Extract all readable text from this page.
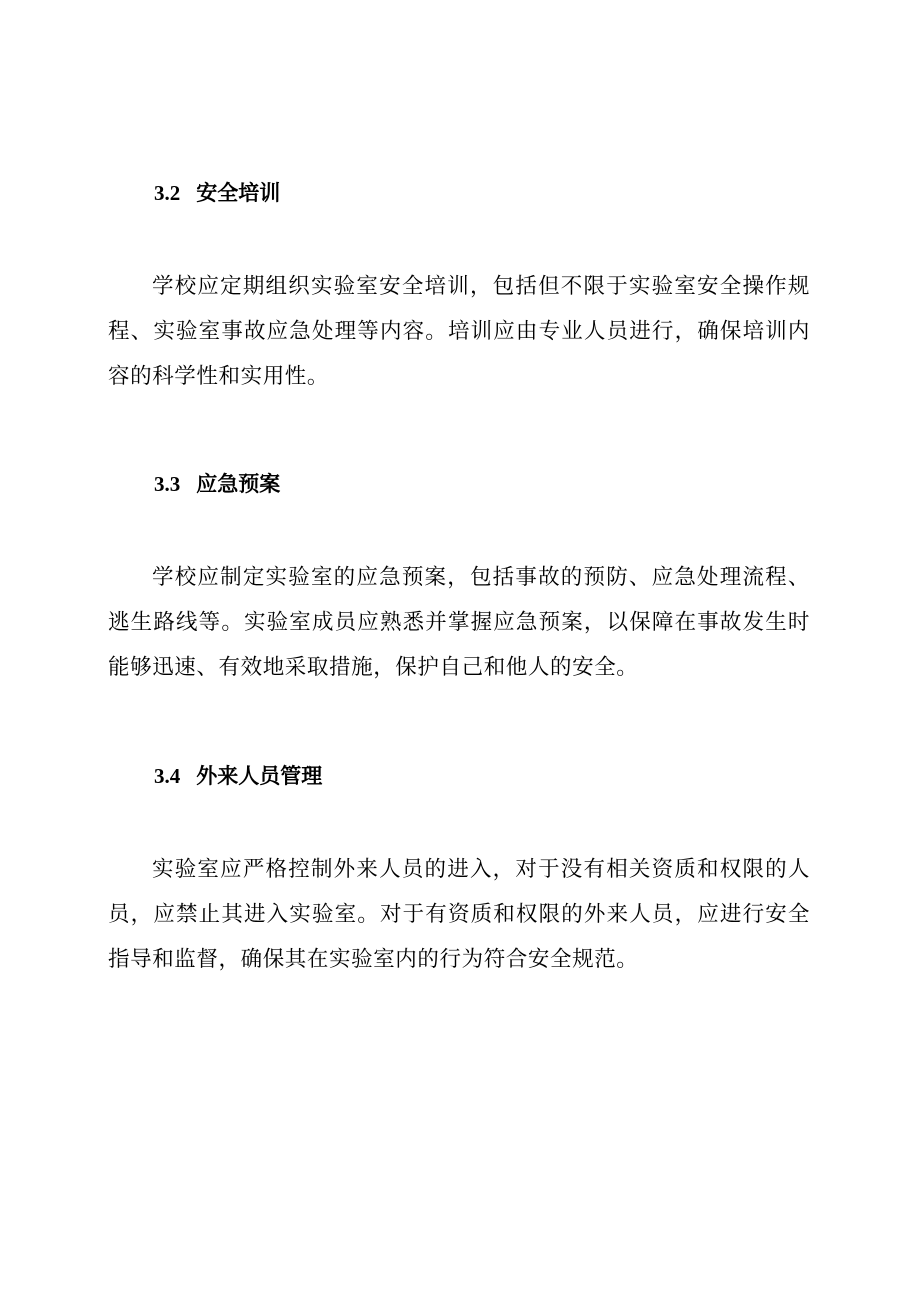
3.2 安全培训

学校应定期组织实验室安全培训，包括但不限于实验室安全操作规程、实验室事故应急处理等内容。培训应由专业人员进行，确保培训内容的科学性和实用性。

3.3 应急预案

学校应制定实验室的应急预案，包括事故的预防、应急处理流程、逃生路线等。实验室成员应熟悉并掌握应急预案，以保障在事故发生时能够迅速、有效地采取措施，保护自己和他人的安全。

3.4 外来人员管理

实验室应严格控制外来人员的进入，对于没有相关资质和权限的人员，应禁止其进入实验室。对于有资质和权限的外来人员，应进行安全指导和监督，确保其在实验室内的行为符合安全规范。
